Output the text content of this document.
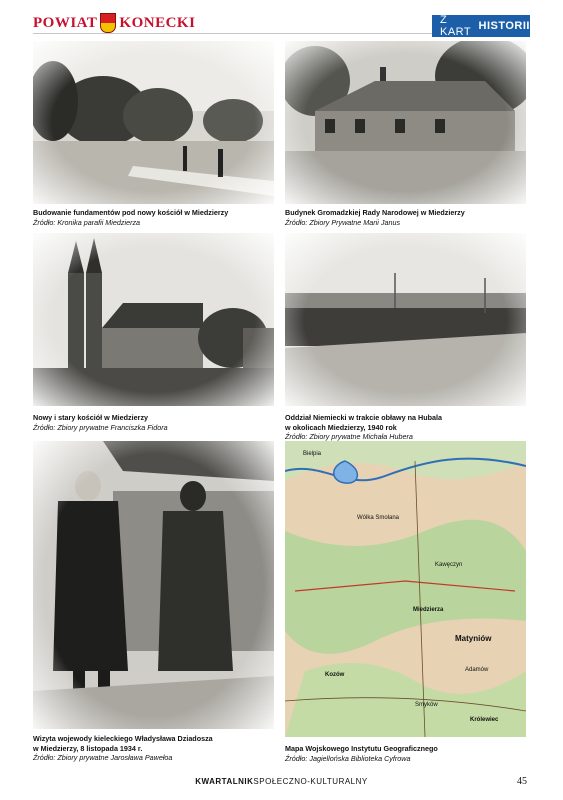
POWIAT KONECKI	Z KART HISTORII
Budowanie fundamentów pod nowy kościół w Miedzierzy
Źródło: Kronika parafii Miedzierza
Budynek Gromadzkiej Rady Narodowej w Miedzierzy
Źródło: Zbiory Prywatne Marii Janus
Nowy i stary kościół w Miedzierzy
Źródło: Zbiory prywatne Franciszka Fidora
Oddział Niemiecki w trakcie obławy na Hubala
w okolicach Miedzierzy, 1940 rok
Źródło: Zbiory prywatne Michała Hubera
Wizyta wojewody kieleckiego Władysława Dziadosza
w Miedzierzy, 8 listopada 1934 r.
Źródło: Zbiory prywatne Jarosława Pawełoa
Bielpia
Wólka Smolana
Kawęczyn
Miedzierza
Matyniów
Adamów
Kozów
Smyków
Królewiec
Mapa Wojskowego Instytutu Geograficznego
Źródło: Jagiellońska Biblioteka Cyfrowa
KWARTALNIKSPOŁECZNO-KULTURALNY	45
